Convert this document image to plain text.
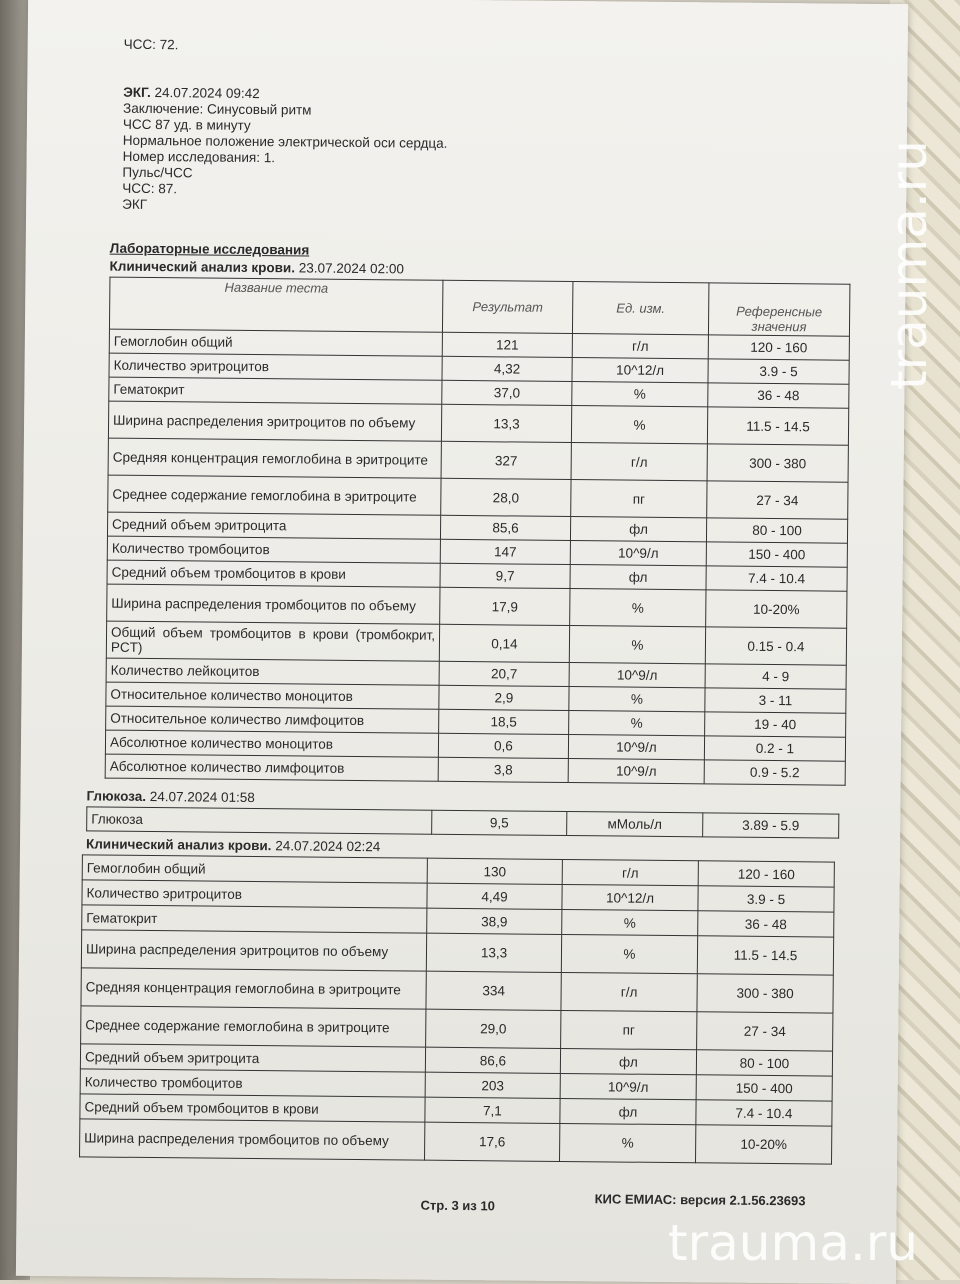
ЧСС: 72.
ЭКГ. 24.07.2024 09:42
Заключение: Синусовый ритм
ЧСС 87 уд. в минуту
Нормальное положение электрической оси сердца.
Номер исследования: 1.
Пульс/ЧСС
ЧСС: 87.
ЭКГ
Лабораторные исследования
Клинический анализ крови. 23.07.2024 02:00
Название теста	Результат	Ед. изм.	Референсные значения
Гемоглобин общий	121	г/л	120 - 160
Количество эритроцитов	4,32	10^12/л	3.9 - 5
Гематокрит	37,0	%	36 - 48
Ширина распределения эритроцитов по объему	13,3	%	11.5 - 14.5
Средняя концентрация гемоглобина в эритроците	327	г/л	300 - 380
Среднее содержание гемоглобина в эритроците	28,0	пг	27 - 34
Средний объем эритроцита	85,6	фл	80 - 100
Количество тромбоцитов	147	10^9/л	150 - 400
Средний объем тромбоцитов в крови	9,7	фл	7.4 - 10.4
Ширина распределения тромбоцитов по объему	17,9	%	10-20%
Общий объем тромбоцитов в крови (тромбокрит, PCT)	0,14	%	0.15 - 0.4
Количество лейкоцитов	20,7	10^9/л	4 - 9
Относительное количество моноцитов	2,9	%	3 - 11
Относительное количество лимфоцитов	18,5	%	19 - 40
Абсолютное количество моноцитов	0,6	10^9/л	0.2 - 1
Абсолютное количество лимфоцитов	3,8	10^9/л	0.9 - 5.2
Глюкоза. 24.07.2024 01:58
Глюкоза	9,5	мМоль/л	3.89 - 5.9
Клинический анализ крови. 24.07.2024 02:24
Гемоглобин общий	130	г/л	120 - 160
Количество эритроцитов	4,49	10^12/л	3.9 - 5
Гематокрит	38,9	%	36 - 48
Ширина распределения эритроцитов по объему	13,3	%	11.5 - 14.5
Средняя концентрация гемоглобина в эритроците	334	г/л	300 - 380
Среднее содержание гемоглобина в эритроците	29,0	пг	27 - 34
Средний объем эритроцита	86,6	фл	80 - 100
Количество тромбоцитов	203	10^9/л	150 - 400
Средний объем тромбоцитов в крови	7,1	фл	7.4 - 10.4
Ширина распределения тромбоцитов по объему	17,6	%	10-20%
Стр. 3 из 10	КИС ЕМИАС: версия 2.1.56.23693
trauma.ru
trauma.ru
